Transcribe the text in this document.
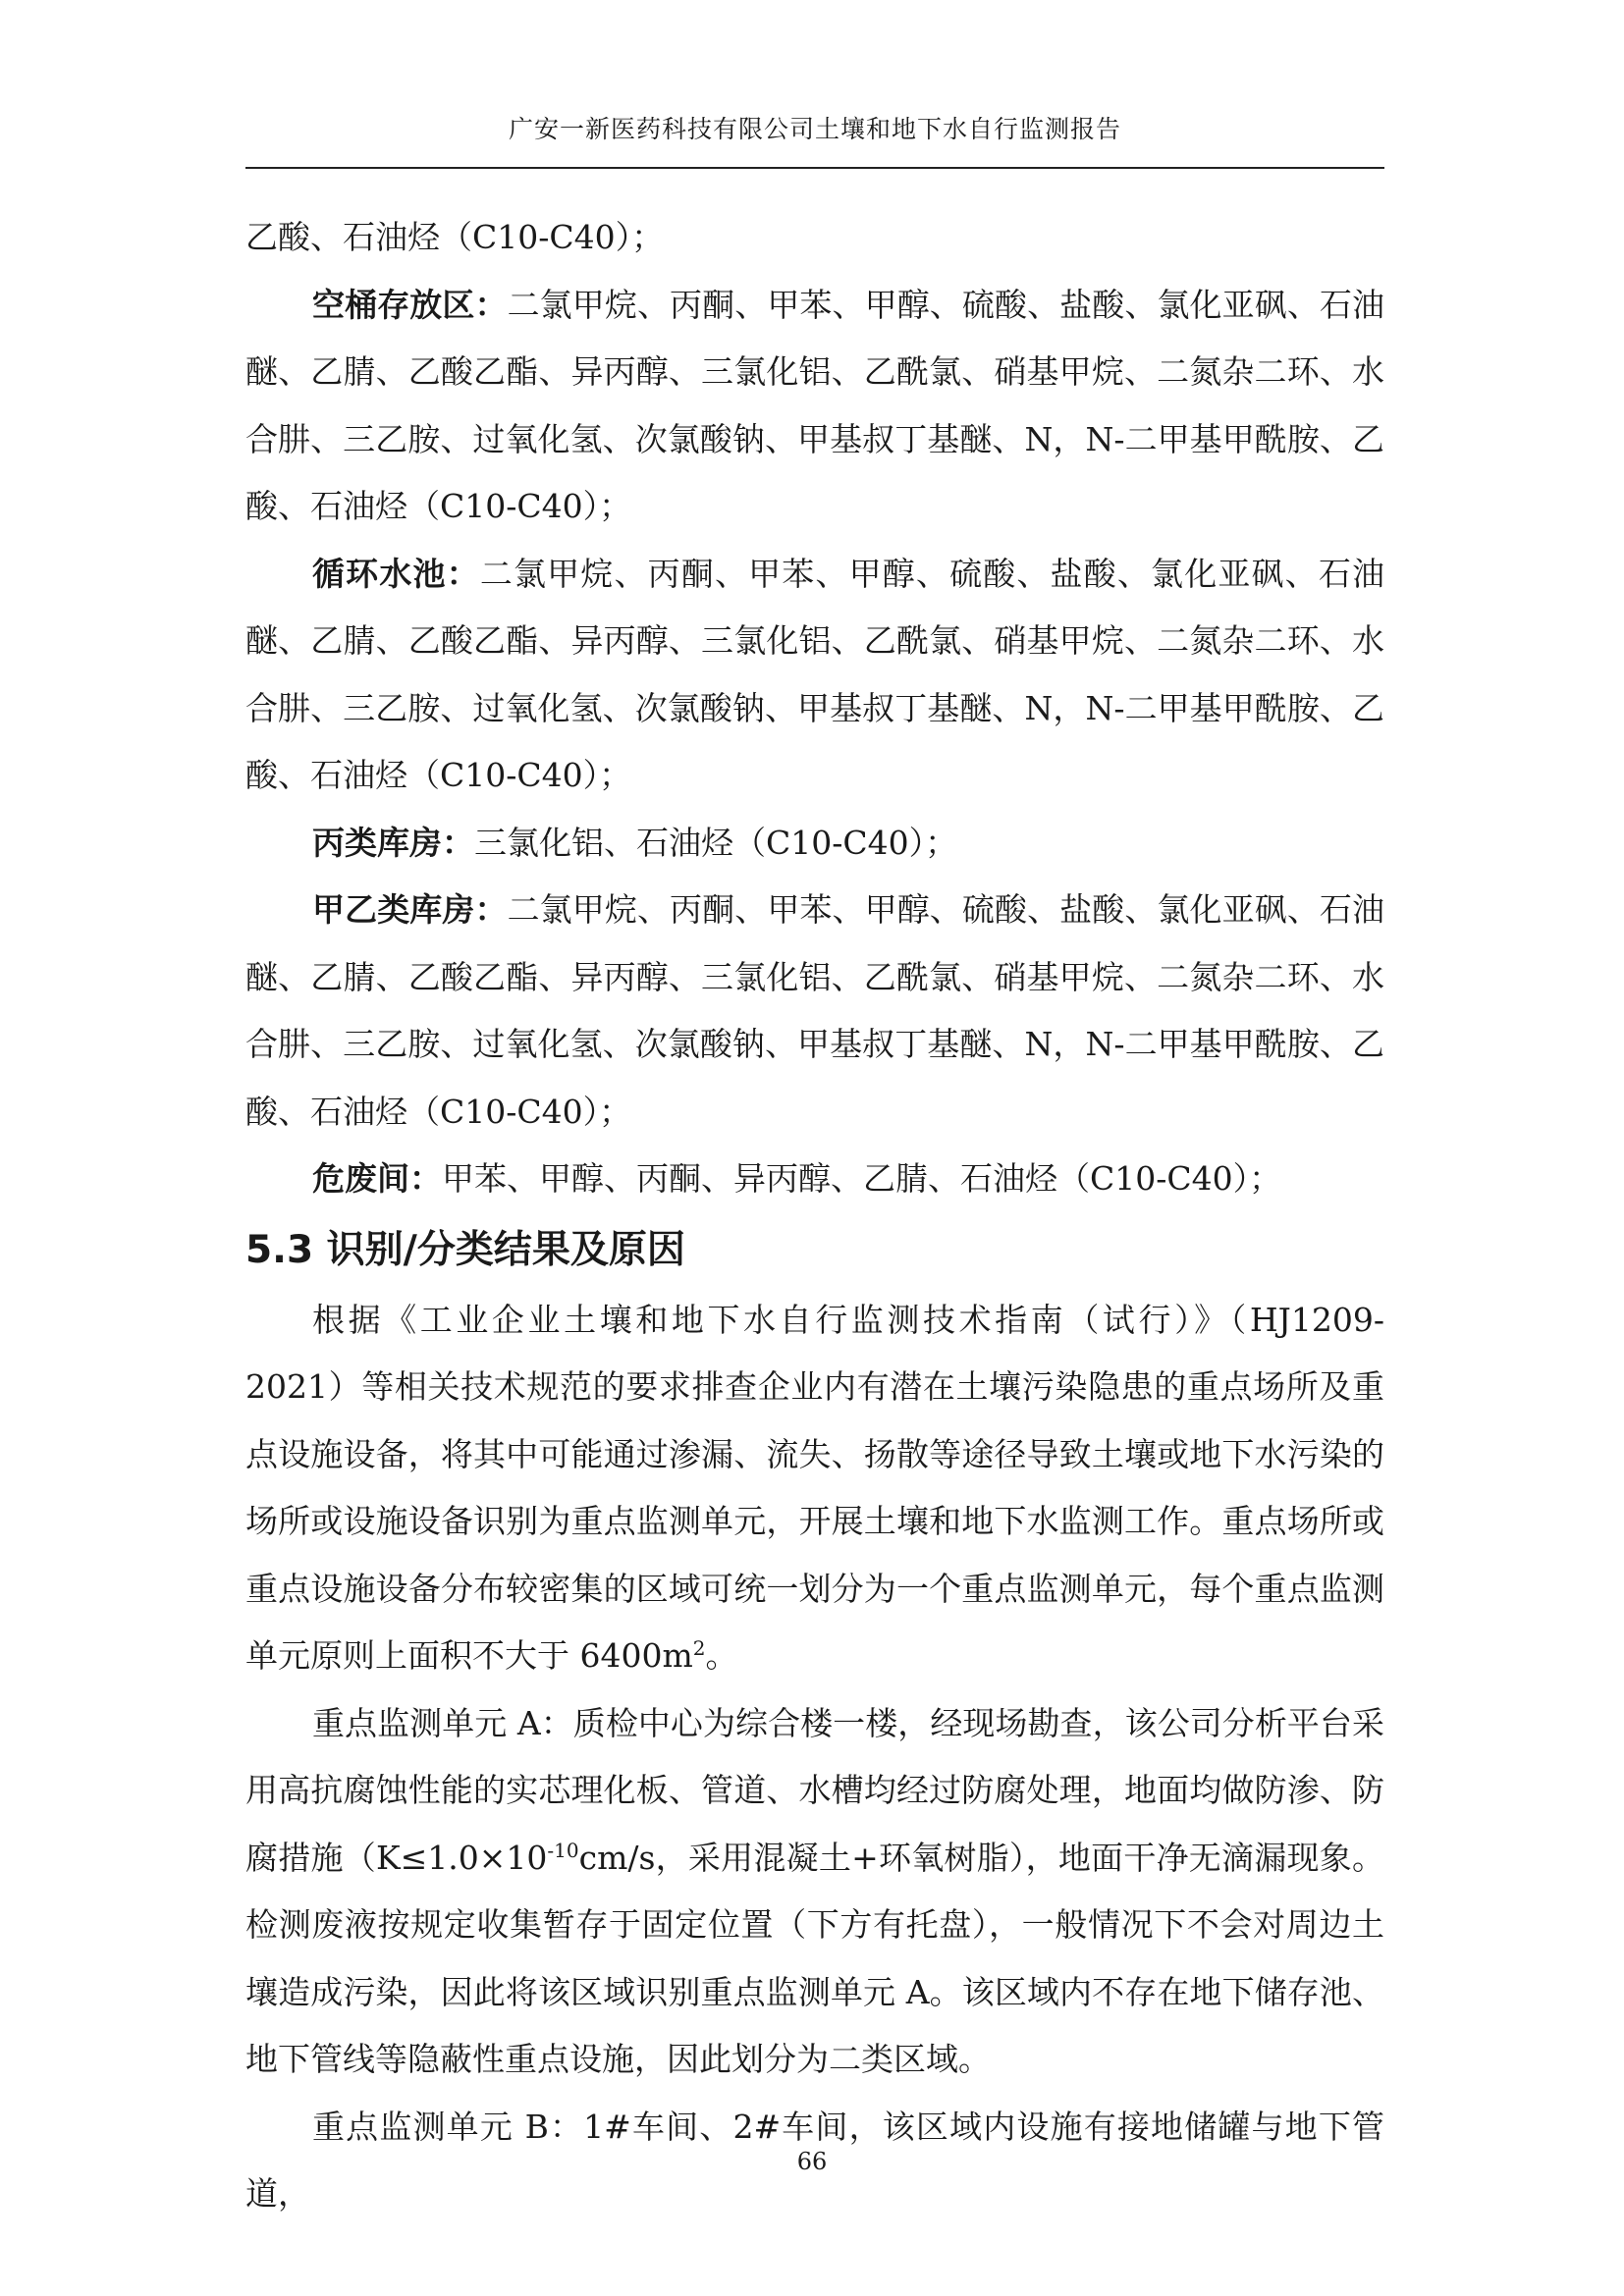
广安一新医药科技有限公司土壤和地下水自行监测报告

乙酸、石油烃（C10-C40）；

空桶存放区：二氯甲烷、丙酮、甲苯、甲醇、硫酸、盐酸、氯化亚砜、石油醚、乙腈、乙酸乙酯、异丙醇、三氯化铝、乙酰氯、硝基甲烷、二氮杂二环、水合肼、三乙胺、过氧化氢、次氯酸钠、甲基叔丁基醚、N，N-二甲基甲酰胺、乙酸、石油烃（C10-C40）；

循环水池：二氯甲烷、丙酮、甲苯、甲醇、硫酸、盐酸、氯化亚砜、石油醚、乙腈、乙酸乙酯、异丙醇、三氯化铝、乙酰氯、硝基甲烷、二氮杂二环、水合肼、三乙胺、过氧化氢、次氯酸钠、甲基叔丁基醚、N，N-二甲基甲酰胺、乙酸、石油烃（C10-C40）；

丙类库房：三氯化铝、石油烃（C10-C40）；

甲乙类库房：二氯甲烷、丙酮、甲苯、甲醇、硫酸、盐酸、氯化亚砜、石油醚、乙腈、乙酸乙酯、异丙醇、三氯化铝、乙酰氯、硝基甲烷、二氮杂二环、水合肼、三乙胺、过氧化氢、次氯酸钠、甲基叔丁基醚、N，N-二甲基甲酰胺、乙酸、石油烃（C10-C40）；

危废间：甲苯、甲醇、丙酮、异丙醇、乙腈、石油烃（C10-C40）；

5.3 识别/分类结果及原因

根据《工业企业土壤和地下水自行监测技术指南（试行）》（HJ1209-2021）等相关技术规范的要求排查企业内有潜在土壤污染隐患的重点场所及重点设施设备，将其中可能通过渗漏、流失、扬散等途径导致土壤或地下水污染的场所或设施设备识别为重点监测单元，开展土壤和地下水监测工作。重点场所或重点设施设备分布较密集的区域可统一划分为一个重点监测单元，每个重点监测单元原则上面积不大于 $6400m^2$。

重点监测单元 A：质检中心为综合楼一楼，经现场勘查，该公司分析平台采用高抗腐蚀性能的实芯理化板、管道、水槽均经过防腐处理，地面均做防渗、防腐措施（$K\le 1.0\times 10^{-10}cm/s$，采用混凝土+环氧树脂），地面干净无滴漏现象。检测废液按规定收集暂存于固定位置（下方有托盘），一般情况下不会对周边土壤造成污染，因此将该区域识别重点监测单元 A。该区域内不存在地下储存池、地下管线等隐蔽性重点设施，因此划分为二类区域。

重点监测单元 B：1#车间、2#车间，该区域内设施有接地储罐与地下管道，

66
